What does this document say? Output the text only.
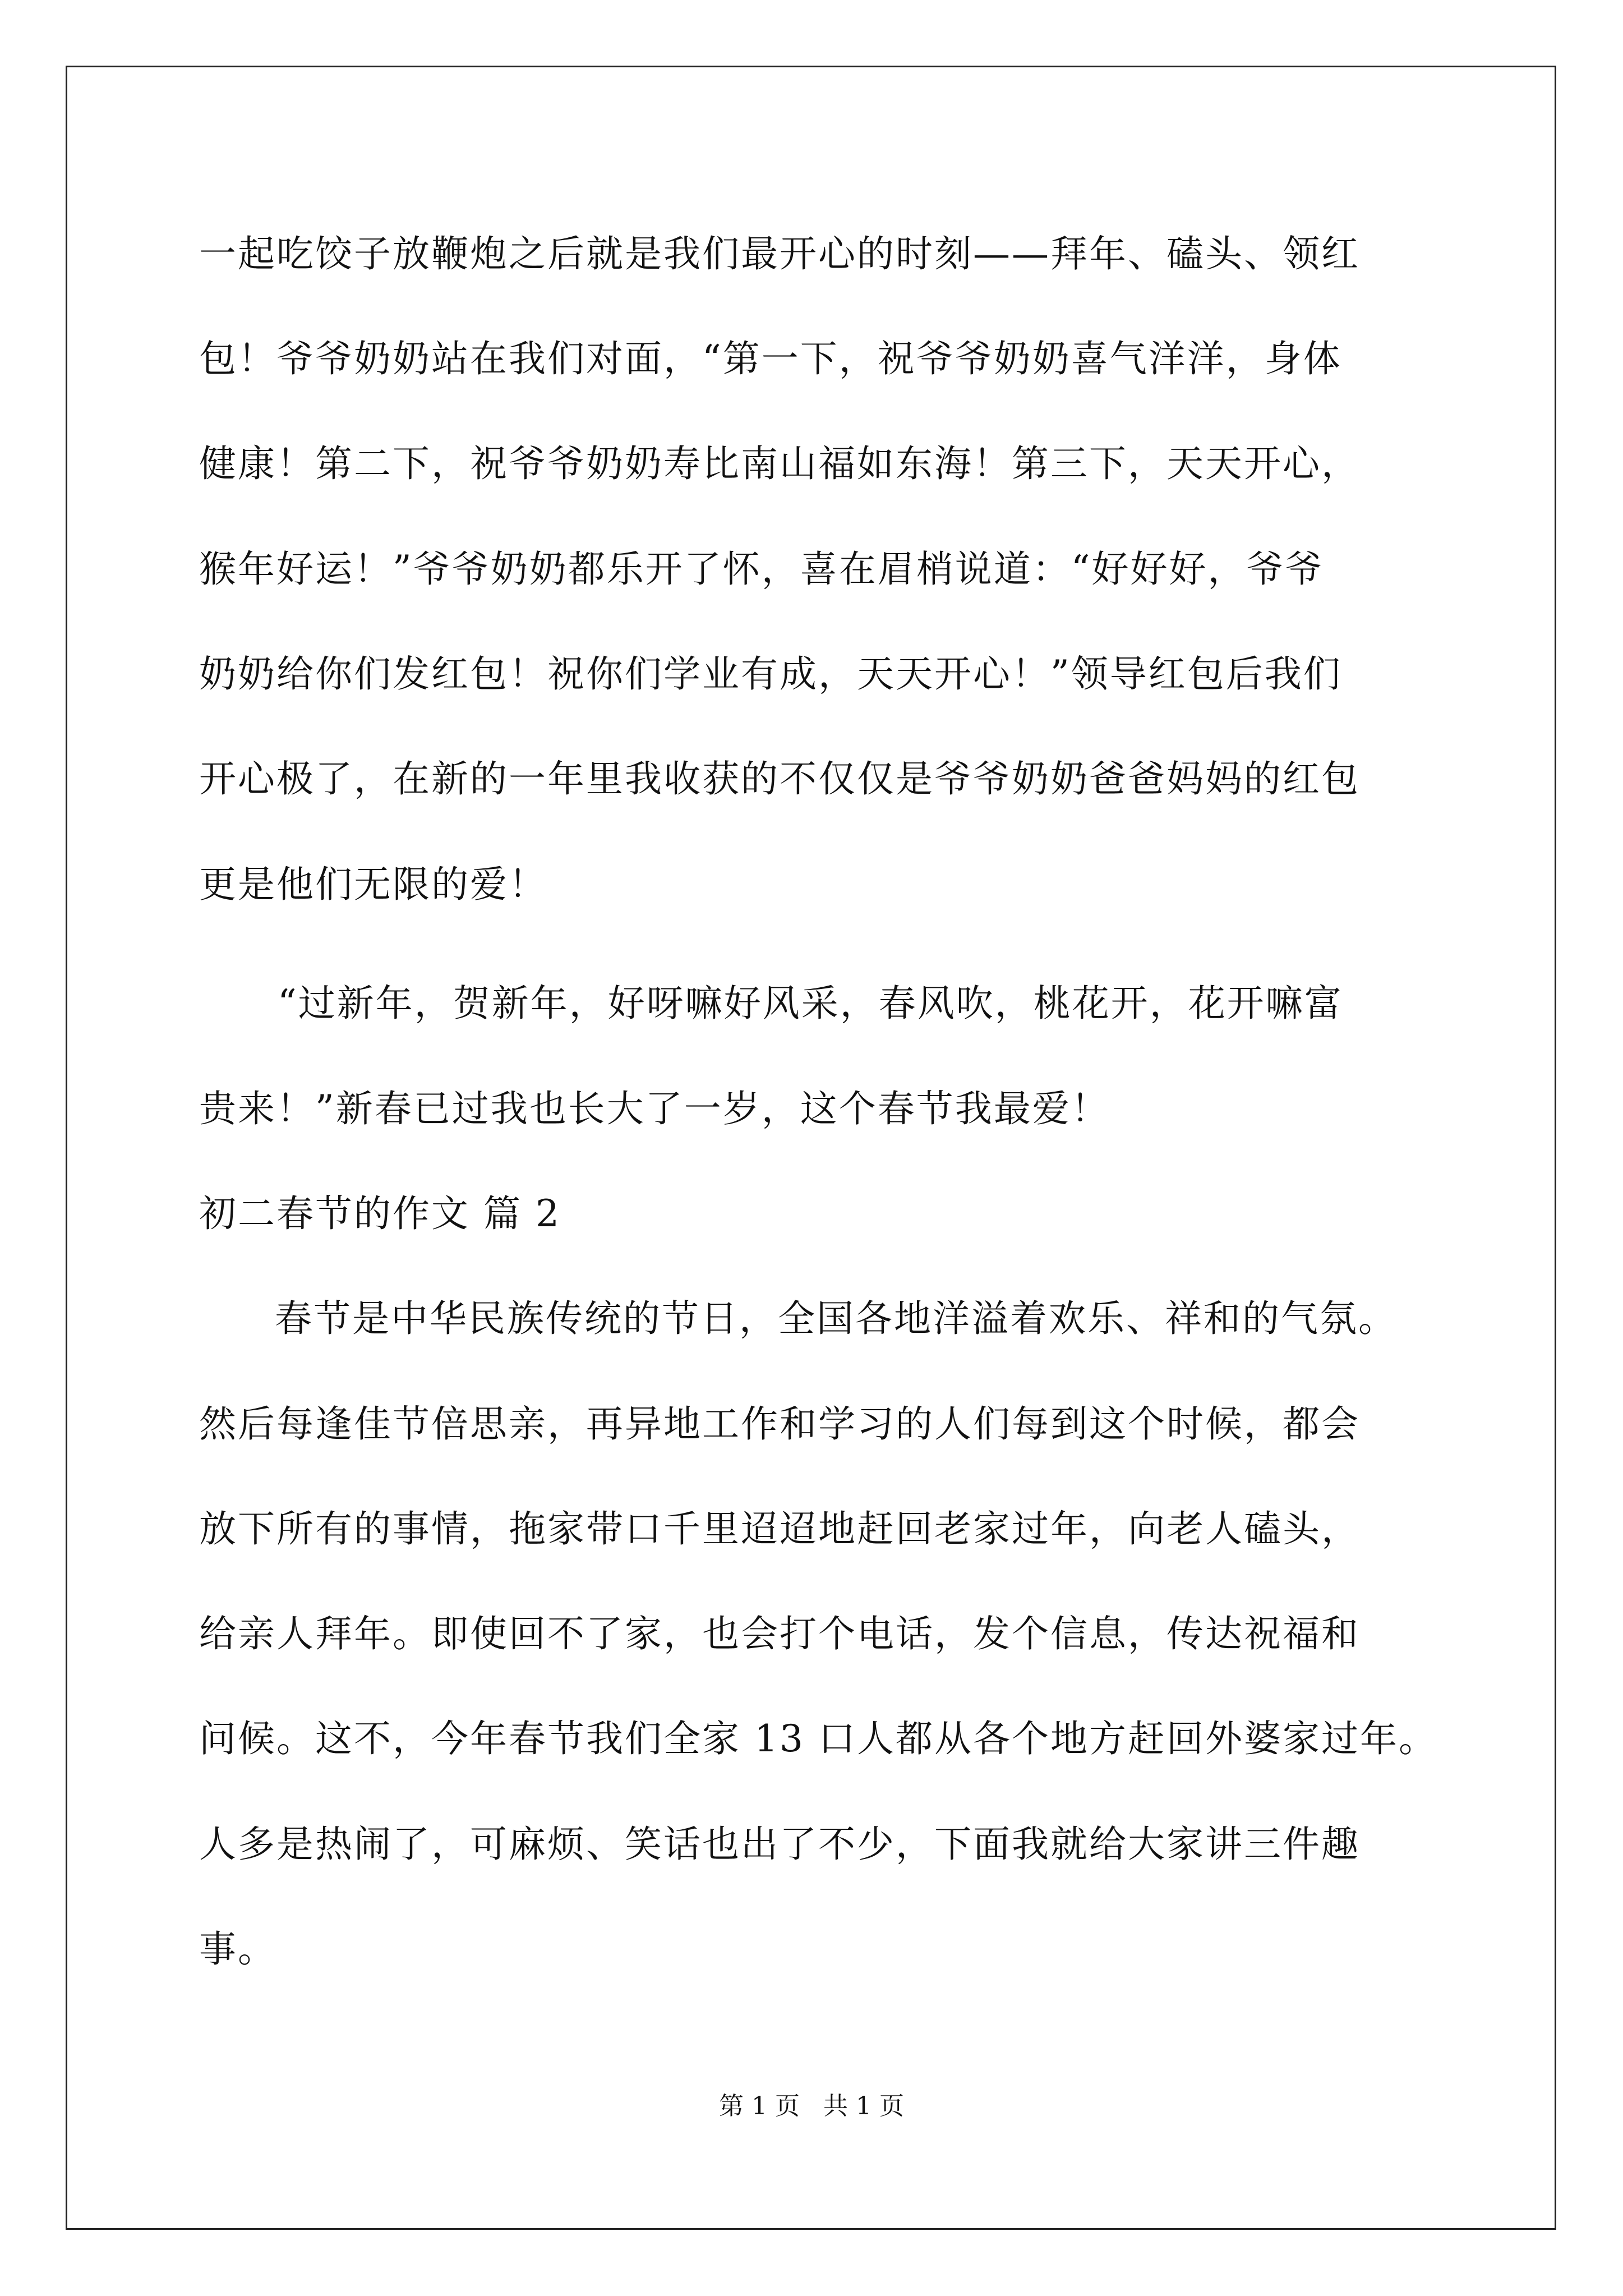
一起吃饺子放鞭炮之后就是我们最开心的时刻——拜年、磕头、领红
包！爷爷奶奶站在我们对面，“第一下，祝爷爷奶奶喜气洋洋，身体
健康！第二下，祝爷爷奶奶寿比南山福如东海！第三下，天天开心，
猴年好运！”爷爷奶奶都乐开了怀，喜在眉梢说道：“好好好，爷爷
奶奶给你们发红包！祝你们学业有成，天天开心！”领导红包后我们
开心极了，在新的一年里我收获的不仅仅是爷爷奶奶爸爸妈妈的红包
更是他们无限的爱！
“过新年，贺新年，好呀嘛好风采，春风吹，桃花开，花开嘛富
贵来！”新春已过我也长大了一岁，这个春节我最爱！
初二春节的作文 篇 2
春节是中华民族传统的节日，全国各地洋溢着欢乐、祥和的气氛。
然后每逢佳节倍思亲，再异地工作和学习的人们每到这个时候，都会
放下所有的事情，拖家带口千里迢迢地赶回老家过年，向老人磕头，
给亲人拜年。即使回不了家，也会打个电话，发个信息，传达祝福和
问候。这不，今年春节我们全家 13 口人都从各个地方赶回外婆家过年。
人多是热闹了，可麻烦、笑话也出了不少，下面我就给大家讲三件趣
事。
第 1 页   共 1 页
